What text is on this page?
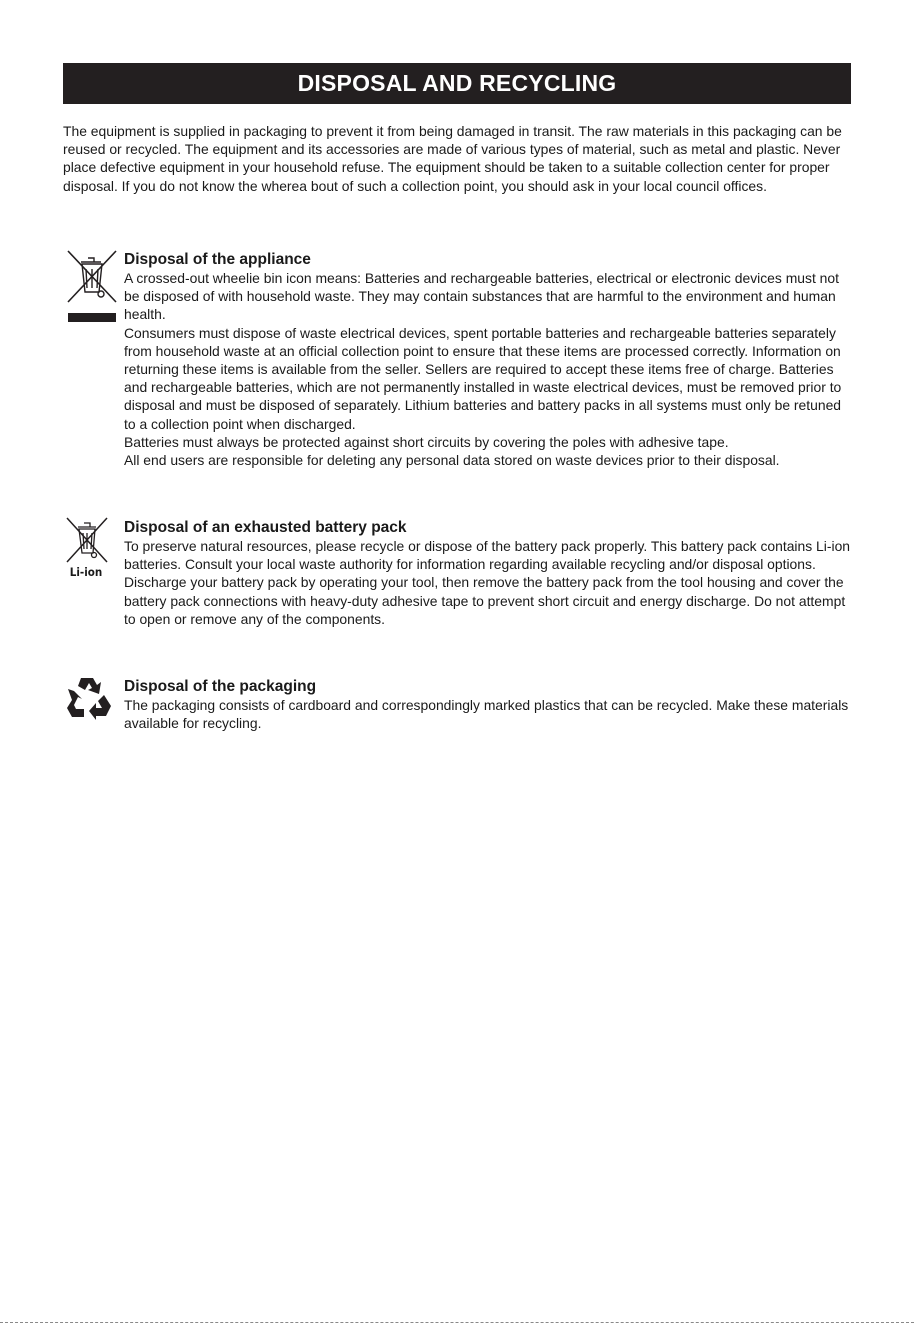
DISPOSAL AND RECYCLING

The equipment is supplied in packaging to prevent it from being damaged in transit. The raw materials in this packaging can be reused or recycled. The equipment and its accessories are made of various types of material, such as metal and plastic. Never place defective equipment in your household refuse. The equipment should be taken to a suitable collection center for proper disposal. If you do not know the wherea bout of such a collection point, you should ask in your local council offices.

Disposal of the appliance

A crossed-out wheelie bin icon means: Batteries and rechargeable batteries, electrical or electronic devices must not be disposed of with household waste. They may contain substances that are harmful to the environment and human health.

Consumers must dispose of waste electrical devices, spent portable batteries and rechargeable batteries separately from household waste at an official collection point to ensure that these items are processed correctly. Information on returning these items is available from the seller. Sellers are required to accept these items free of charge. Batteries and rechargeable batteries, which are not permanently installed in waste electrical devices, must be removed prior to disposal and must be disposed of separately. Lithium batteries and battery packs in all systems must only be retuned to a collection point when discharged.

Batteries must always be protected against short circuits by covering the poles with adhesive tape.

All end users are responsible for deleting any personal data stored on waste devices prior to their disposal.

Li-ion

Disposal of an exhausted battery pack

To preserve natural resources, please recycle or dispose of the battery pack properly. This battery pack contains Li-ion batteries. Consult your local waste authority for information regarding available recycling and/or disposal options. Discharge your battery pack by operating your tool, then remove the battery pack from the tool housing and cover the battery pack connections with heavy-duty adhesive tape to prevent short circuit and energy discharge. Do not attempt to open or remove any of the components.

Disposal of the packaging

The packaging consists of cardboard and correspondingly marked plastics that can be recycled. Make these materials available for recycling.
